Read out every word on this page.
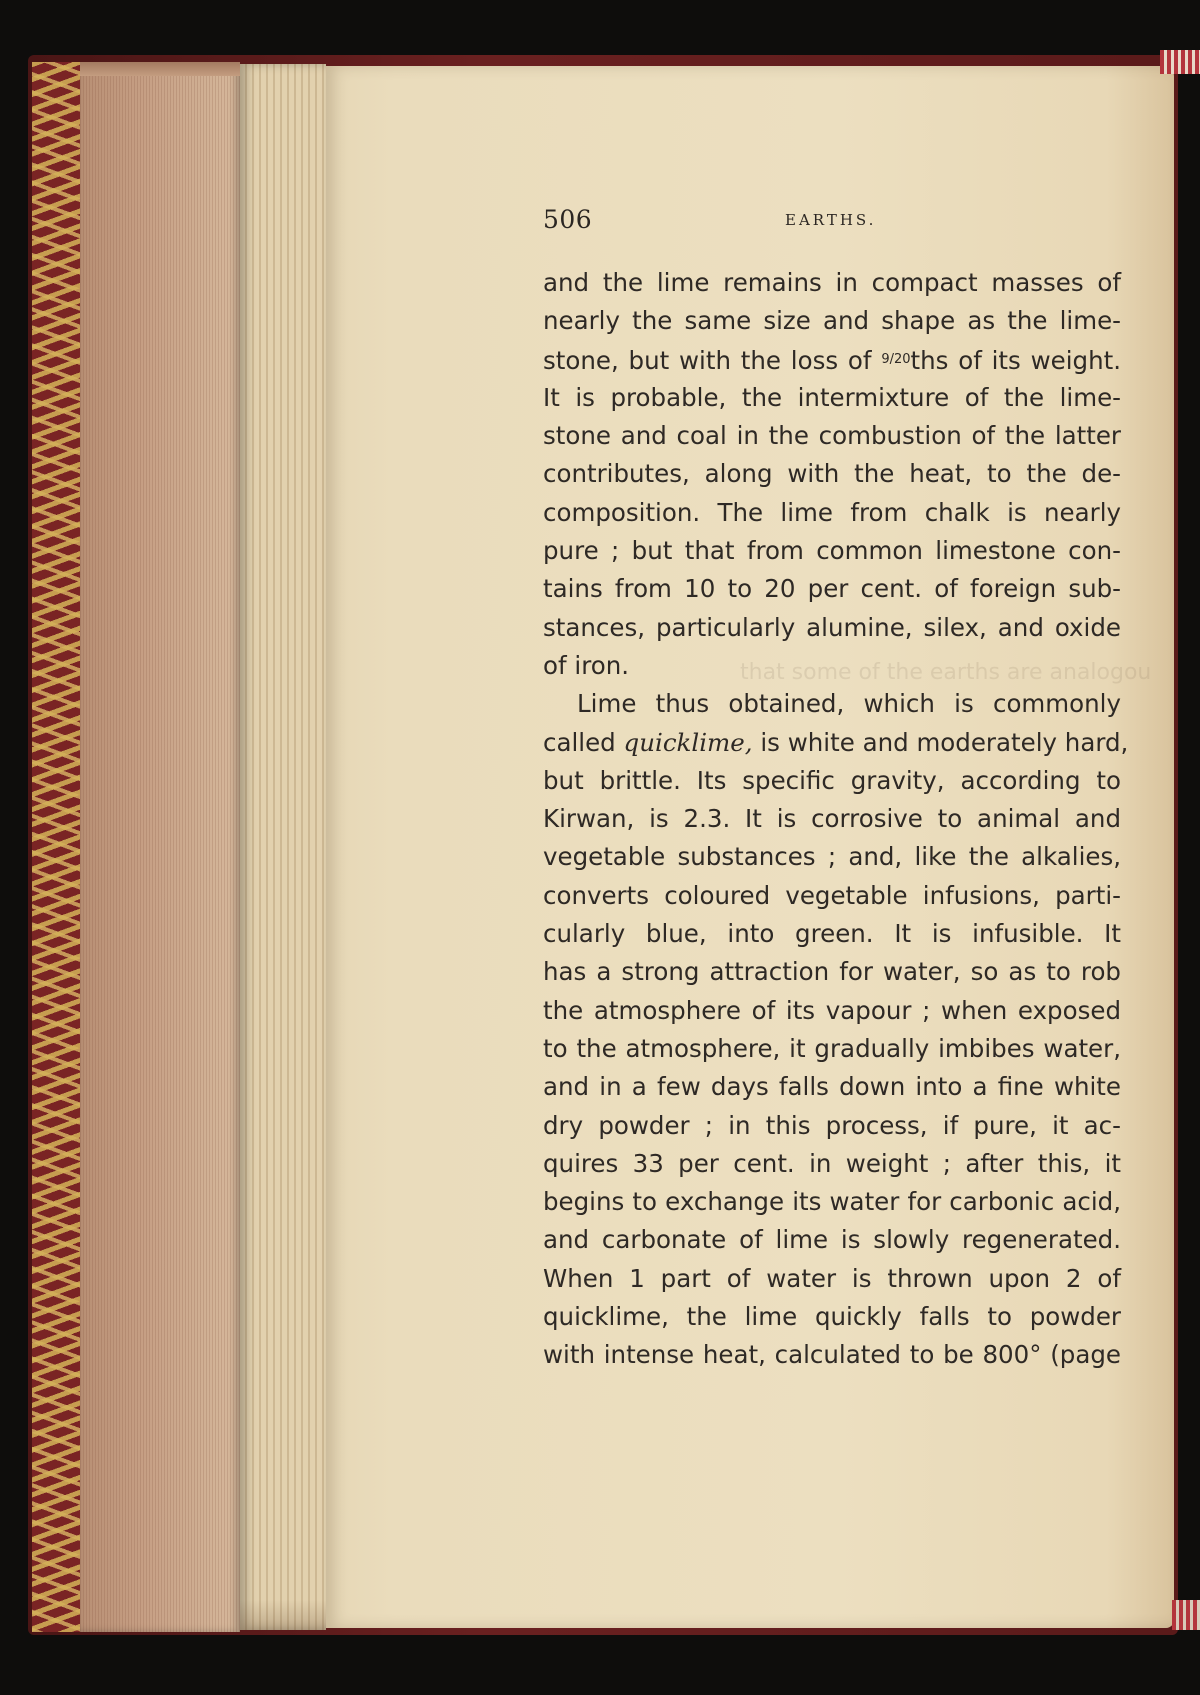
that some of the earths are analogou
506	EARTHS.
and the lime remains in compact masses of
nearly the same size and shape as the lime-
stone, but with the loss of $^{9/20}$ths of its weight.
It is probable, the intermixture of the lime-
stone and coal in the combustion of the latter
contributes, along with the heat, to the de-
composition. The lime from chalk is nearly
pure ; but that from common limestone con-
tains from 10 to 20 per cent. of foreign sub-
stances, particularly alumine, silex, and oxide
of iron.
Lime thus obtained, which is commonly
called quicklime, is white and moderately hard,
but brittle. Its specific gravity, according to
Kirwan, is 2.3. It is corrosive to animal and
vegetable substances ; and, like the alkalies,
converts coloured vegetable infusions, parti-
cularly blue, into green. It is infusible. It
has a strong attraction for water, so as to rob
the atmosphere of its vapour ; when exposed
to the atmosphere, it gradually imbibes water,
and in a few days falls down into a fine white
dry powder ; in this process, if pure, it ac-
quires 33 per cent. in weight ; after this, it
begins to exchange its water for carbonic acid,
and carbonate of lime is slowly regenerated.
When 1 part of water is thrown upon 2 of
quicklime, the lime quickly falls to powder
with intense heat, calculated to be 800° (page
